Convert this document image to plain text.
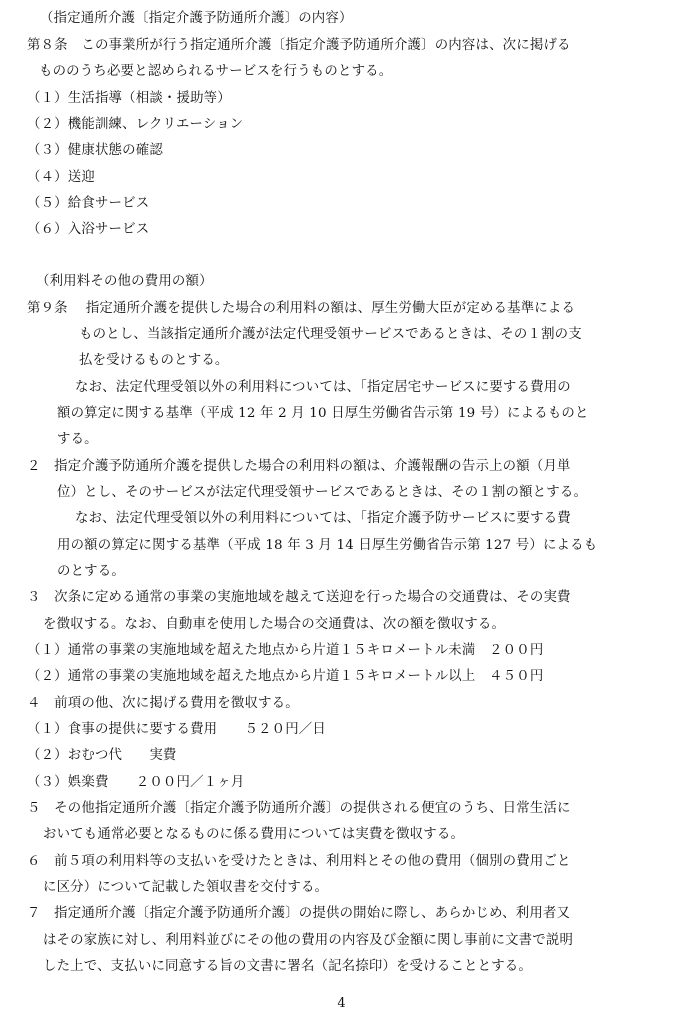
（指定通所介護〔指定介護予防通所介護〕の内容）
第８条　この事業所が行う指定通所介護〔指定介護予防通所介護〕の内容は、次に掲げる
もののうち必要と認められるサービスを行うものとする。
（１）生活指導（相談・援助等）
（２）機能訓練、レクリエーション
（３）健康状態の確認
（４）送迎
（５）給食サービス
（６）入浴サービス
（利用料その他の費用の額）
第９条　 指定通所介護を提供した場合の利用料の額は、厚生労働大臣が定める基準による
ものとし、当該指定通所介護が法定代理受領サービスであるときは、その１割の支
払を受けるものとする。
なお、法定代理受領以外の利用料については、「指定居宅サービスに要する費用の
額の算定に関する基準（平成 12 年 2 月 10 日厚生労働省告示第 19 号）によるものと
する。
２　指定介護予防通所介護を提供した場合の利用料の額は、介護報酬の告示上の額（月単
位）とし、そのサービスが法定代理受領サービスであるときは、その１割の額とする。
なお、法定代理受領以外の利用料については、「指定介護予防サービスに要する費
用の額の算定に関する基準（平成 18 年 3 月 14 日厚生労働省告示第 127 号）によるも
のとする。
３　次条に定める通常の事業の実施地域を越えて送迎を行った場合の交通費は、その実費
を徴収する。なお、自動車を使用した場合の交通費は、次の額を徴収する。
（１）通常の事業の実施地域を超えた地点から片道１５キロメートル未満　２００円
（２）通常の事業の実施地域を超えた地点から片道１５キロメートル以上　４５０円
４　前項の他、次に掲げる費用を徴収する。
（１）食事の提供に要する費用　　５２０円／日
（２）おむつ代　　実費
（３）娯楽費　　２００円／１ヶ月
５　その他指定通所介護〔指定介護予防通所介護〕の提供される便宜のうち、日常生活に
おいても通常必要となるものに係る費用については実費を徴収する。
６　前５項の利用料等の支払いを受けたときは、利用料とその他の費用（個別の費用ごと
に区分）について記載した領収書を交付する。
７　指定通所介護〔指定介護予防通所介護〕の提供の開始に際し、あらかじめ、利用者又
はその家族に対し、利用料並びにその他の費用の内容及び金額に関し事前に文書で説明
した上で、支払いに同意する旨の文書に署名（記名捺印）を受けることとする。
4
